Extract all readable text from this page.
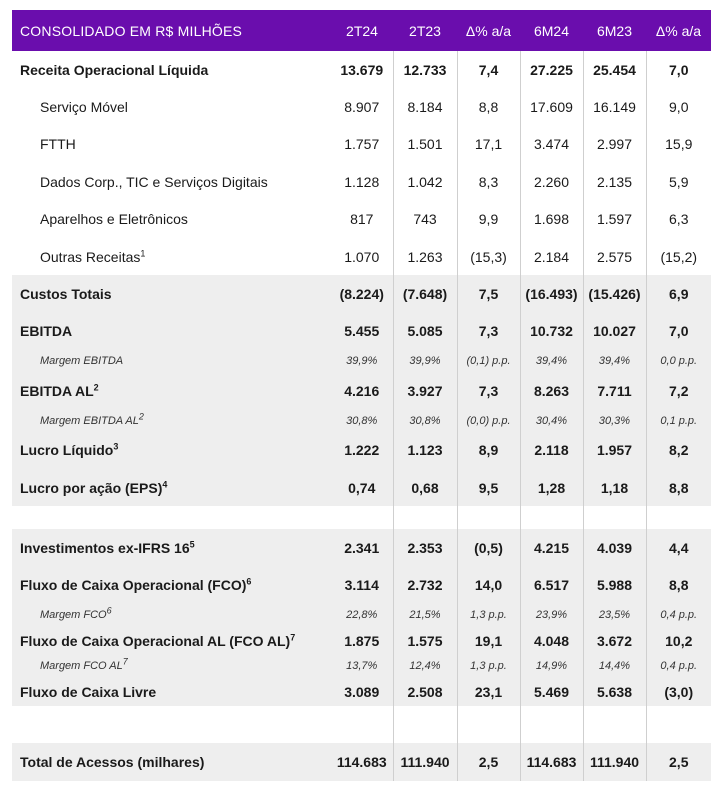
CONSOLIDADO EM R$ MILHÕES	2T24	2T23	Δ% a/a	6M24	6M23	Δ% a/a
Receita Operacional Líquida	13.679	12.733	7,4	27.225	25.454	7,0
Serviço Móvel	8.907	8.184	8,8	17.609	16.149	9,0
FTTH	1.757	1.501	17,1	3.474	2.997	15,9
Dados Corp., TIC e Serviços Digitais	1.128	1.042	8,3	2.260	2.135	5,9
Aparelhos e Eletrônicos	817	743	9,9	1.698	1.597	6,3
Outras Receitas$^1$	1.070	1.263	(15,3)	2.184	2.575	(15,2)
Custos Totais	(8.224)	(7.648)	7,5	(16.493)	(15.426)	6,9
EBITDA	5.455	5.085	7,3	10.732	10.027	7,0
Margem EBITDA	39,9%	39,9%	(0,1) p.p.	39,4%	39,4%	0,0 p.p.
EBITDA $AL^2$	4.216	3.927	7,3	8.263	7.711	7,2
Margem EBITDA $AL^2$	30,8%	30,8%	(0,0) p.p.	30,4%	30,3%	0,1 p.p.
Lucro Líquido$^3$	1.222	1.123	8,9	2.118	1.957	8,2
Lucro por ação (EPS)$^4$	0,74	0,68	9,5	1,28	1,18	8,8

Investimentos ex-IFRS $16^5$	2.341	2.353	(0,5)	4.215	4.039	4,4
Fluxo de Caixa Operacional (FCO)$^6$	3.114	2.732	14,0	6.517	5.988	8,8
Margem FCO$^6$	22,8%	21,5%	1,3 p.p.	23,9%	23,5%	0,4 p.p.
Fluxo de Caixa Operacional AL (FCO AL)$^7$	1.875	1.575	19,1	4.048	3.672	10,2
Margem FCO $AL^7$	13,7%	12,4%	1,3 p.p.	14,9%	14,4%	0,4 p.p.
Fluxo de Caixa Livre	3.089	2.508	23,1	5.469	5.638	(3,0)

Total de Acessos (milhares)	114.683	111.940	2,5	114.683	111.940	2,5
